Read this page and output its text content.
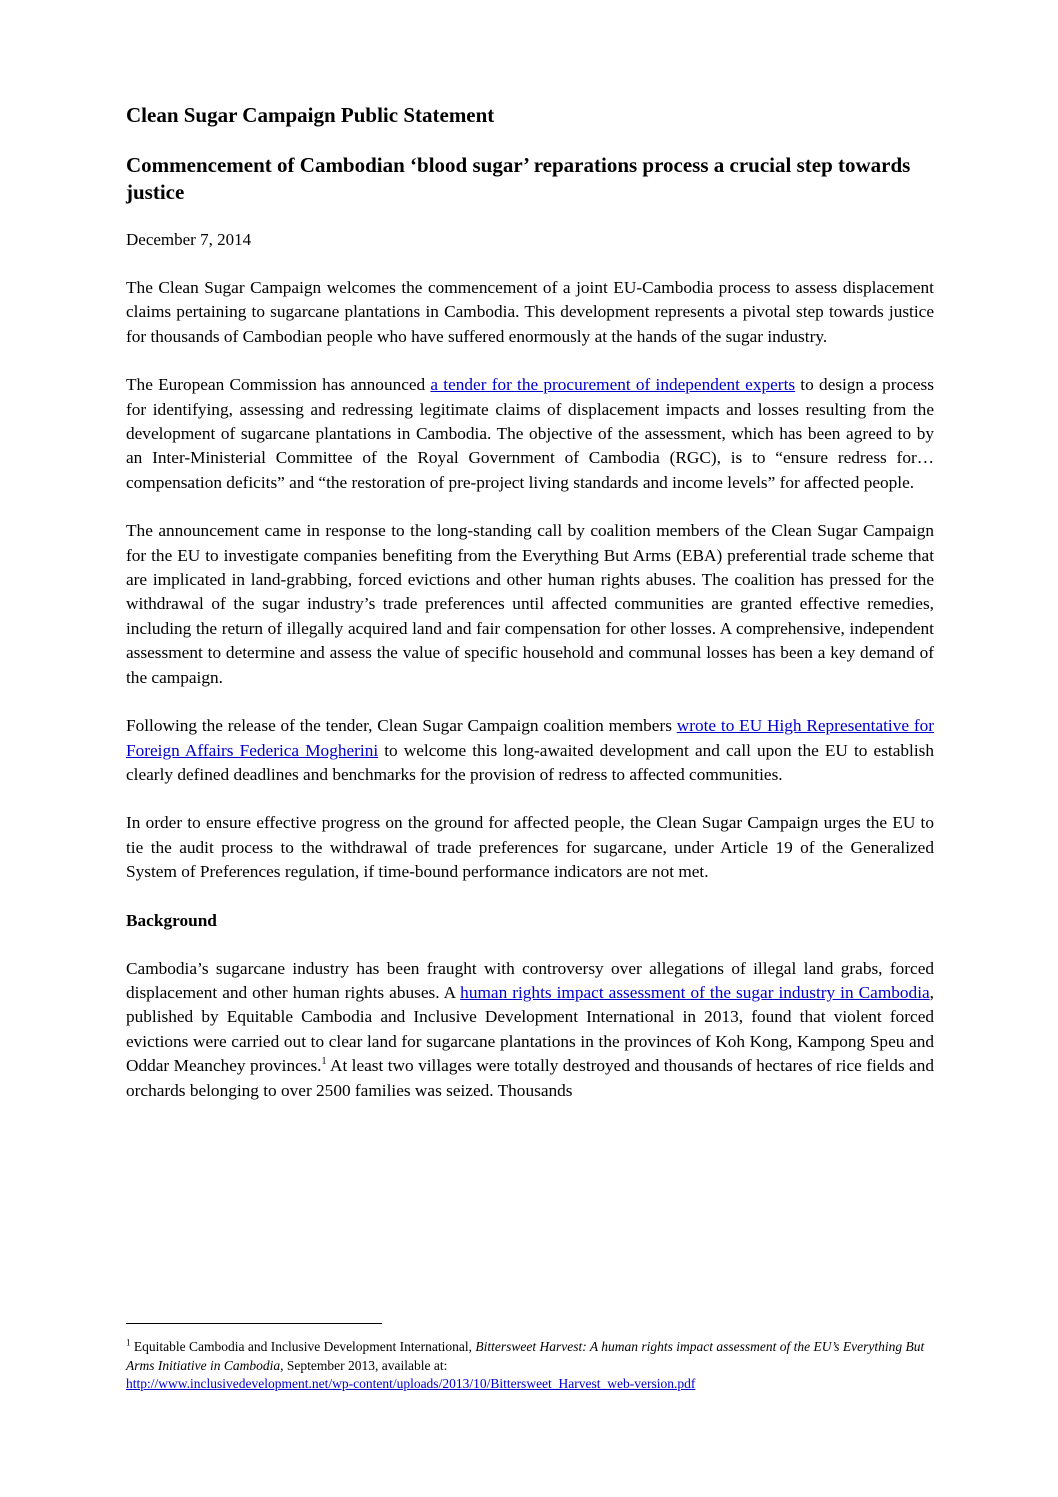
Clean Sugar Campaign Public Statement
Commencement of Cambodian ‘blood sugar’ reparations process a crucial step towards justice
December 7, 2014

The Clean Sugar Campaign welcomes the commencement of a joint EU-Cambodia process to assess displacement claims pertaining to sugarcane plantations in Cambodia. This development represents a pivotal step towards justice for thousands of Cambodian people who have suffered enormously at the hands of the sugar industry.

The European Commission has announced a tender for the procurement of independent experts to design a process for identifying, assessing and redressing legitimate claims of displacement impacts and losses resulting from the development of sugarcane plantations in Cambodia. The objective of the assessment, which has been agreed to by an Inter-Ministerial Committee of the Royal Government of Cambodia (RGC), is to “ensure redress for…compensation deficits” and “the restoration of pre-project living standards and income levels” for affected people.

The announcement came in response to the long-standing call by coalition members of the Clean Sugar Campaign for the EU to investigate companies benefiting from the Everything But Arms (EBA) preferential trade scheme that are implicated in land-grabbing, forced evictions and other human rights abuses. The coalition has pressed for the withdrawal of the sugar industry’s trade preferences until affected communities are granted effective remedies, including the return of illegally acquired land and fair compensation for other losses. A comprehensive, independent assessment to determine and assess the value of specific household and communal losses has been a key demand of the campaign.

Following the release of the tender, Clean Sugar Campaign coalition members wrote to EU High Representative for Foreign Affairs Federica Mogherini to welcome this long-awaited development and call upon the EU to establish clearly defined deadlines and benchmarks for the provision of redress to affected communities.

In order to ensure effective progress on the ground for affected people, the Clean Sugar Campaign urges the EU to tie the audit process to the withdrawal of trade preferences for sugarcane, under Article 19 of the Generalized System of Preferences regulation, if time-bound performance indicators are not met.

Background

Cambodia’s sugarcane industry has been fraught with controversy over allegations of illegal land grabs, forced displacement and other human rights abuses. A human rights impact assessment of the sugar industry in Cambodia, published by Equitable Cambodia and Inclusive Development International in 2013, found that violent forced evictions were carried out to clear land for sugarcane plantations in the provinces of Koh Kong, Kampong Speu and Oddar Meanchey provinces.$^1$ At least two villages were totally destroyed and thousands of hectares of rice fields and orchards belonging to over 2500 families was seized. Thousands

$^1$ Equitable Cambodia and Inclusive Development International, Bittersweet Harvest: A human rights impact assessment of the EU’s Everything But Arms Initiative in Cambodia, September 2013, available at:
http://www.inclusivedevelopment.net/wp-content/uploads/2013/10/Bittersweet_Harvest_web-version.pdf
